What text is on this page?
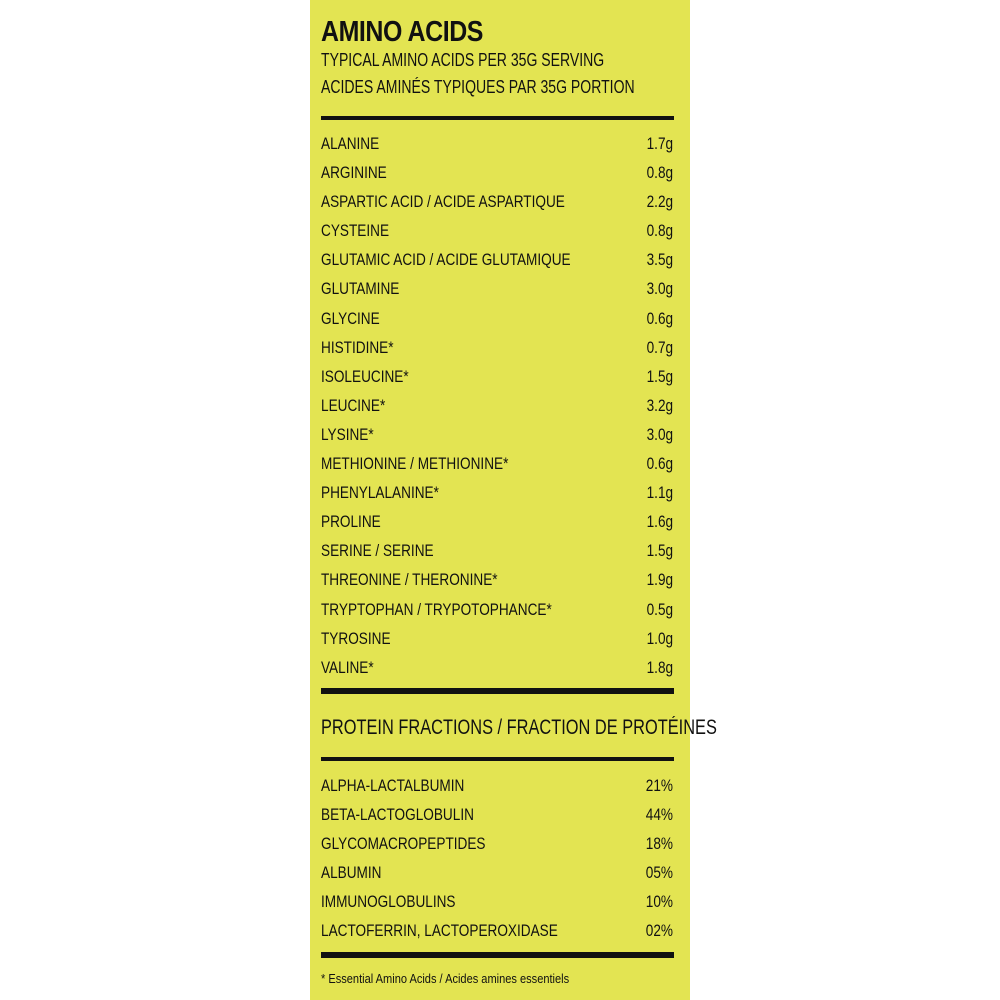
AMINO ACIDS
TYPICAL AMINO ACIDS PER 35G SERVING
ACIDES AMINÉS TYPIQUES PAR 35G PORTION
ALANINE	1.7g
ARGININE	0.8g
ASPARTIC ACID / ACIDE ASPARTIQUE	2.2g
CYSTEINE	0.8g
GLUTAMIC ACID / ACIDE GLUTAMIQUE	3.5g
GLUTAMINE	3.0g
GLYCINE	0.6g
HISTIDINE*	0.7g
ISOLEUCINE*	1.5g
LEUCINE*	3.2g
LYSINE*	3.0g
METHIONINE / METHIONINE*	0.6g
PHENYLALANINE*	1.1g
PROLINE	1.6g
SERINE / SERINE	1.5g
THREONINE / THERONINE*	1.9g
TRYPTOPHAN / TRYPOTOPHANCE*	0.5g
TYROSINE	1.0g
VALINE*	1.8g
PROTEIN FRACTIONS / FRACTION DE PROTÉINES
ALPHA-LACTALBUMIN	21%
BETA-LACTOGLOBULIN	44%
GLYCOMACROPEPTIDES	18%
ALBUMIN	05%
IMMUNOGLOBULINS	10%
LACTOFERRIN, LACTOPEROXIDASE	02%
* Essential Amino Acids / Acides amines essentiels
